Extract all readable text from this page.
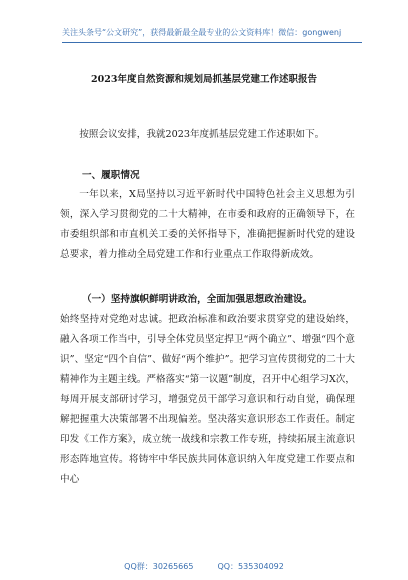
关注头条号“公文研究”，获得最新最全最专业的公文资料库！微信：gongwenj
2023年度自然资源和规划局抓基层党建工作述职报告
按照会议安排，我就2023年度抓基层党建工作述职如下。
一、履职情况
一年以来，X局坚持以习近平新时代中国特色社会主义思想为引领，深入学习贯彻党的二十大精神，在市委和政府的正确领导下，在市委组织部和市直机关工委的关怀指导下，准确把握新时代党的建设总要求，着力推动全局党建工作和行业重点工作取得新成效。
（一）坚持旗帜鲜明讲政治，全面加强思想政治建设。
始终坚持对党绝对忠诚。把政治标准和政治要求贯穿党的建设始终，融入各项工作当中，引导全体党员坚定捍卫“两个确立”、增强“四个意识”、坚定“四个自信”、做好“两个维护”。把学习宣传贯彻党的二十大精神作为主题主线。严格落实“第一议题”制度，召开中心组学习X次，每周开展支部研讨学习，增强党员干部学习意识和行动自觉，确保理解把握重大决策部署不出现偏差。坚决落实意识形态工作责任。制定印发《工作方案》，成立统一战线和宗教工作专班，持续拓展主流意识形态阵地宣传。将铸牢中华民族共同体意识纳入年度党建工作要点和中心
QQ群：30265665	QQ：535304092
